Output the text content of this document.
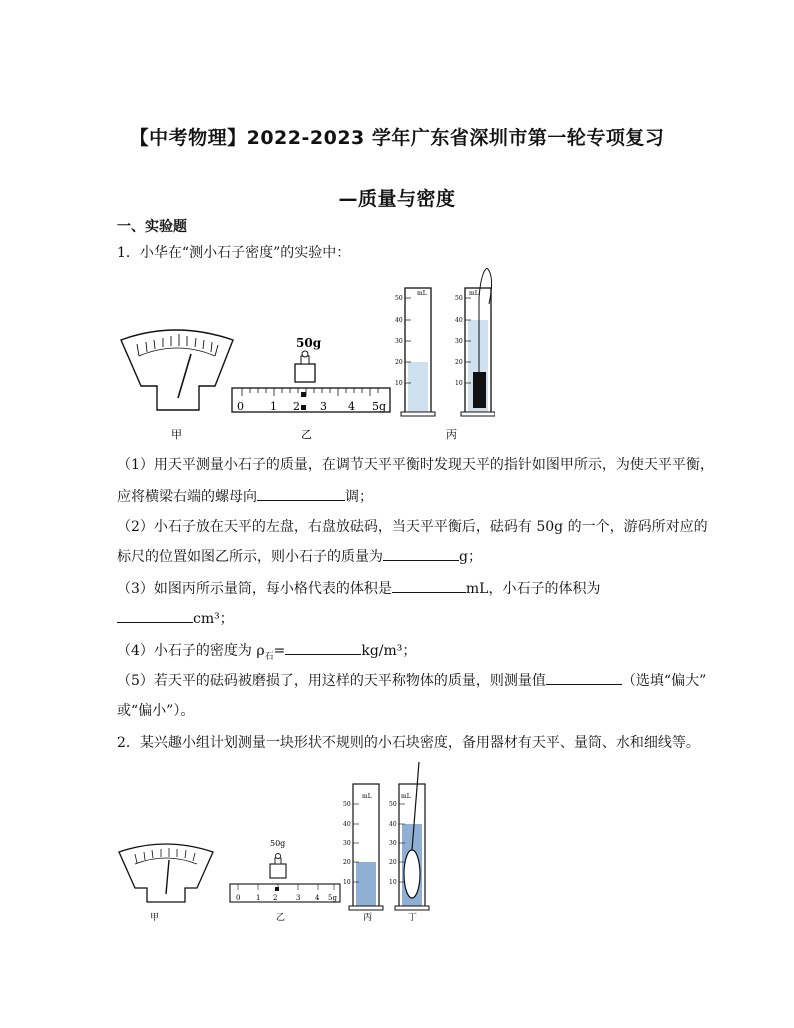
【中考物理】2022-2023 学年广东省深圳市第一轮专项复习
—质量与密度
一、实验题
1．小华在“测小石子密度”的实验中：
甲
50g
0 1 2 3 4 5g
乙
mL
50
40
30
20
10
mL
50
40
30
20
10
丙
（1）用天平测量小石子的质量，在调节天平平衡时发现天平的指针如图甲所示，为使天平平衡，
应将横梁右端的螺母向	调；
（2）小石子放在天平的左盘，右盘放砝码，当天平平衡后，砝码有 50g 的一个，游码所对应的
标尺的位置如图乙所示，则小石子的质量为	g；
（3）如图丙所示量筒，每小格代表的体积是	mL，小石子的体积为
cm³；
（4）小石子的密度为 $\rho_石=$	kg/m³；
（5）若天平的砝码被磨损了，用这样的天平称物体的质量，则测量值	（选填“偏大”
或“偏小”）。
2．某兴趣小组计划测量一块形状不规则的小石块密度，备用器材有天平、量筒、水和细线等。
甲
50g
0 1 2	3 4 5g
乙
mL
50
40
30
20
10
丙
mL
50
40
30
20
10
丁
